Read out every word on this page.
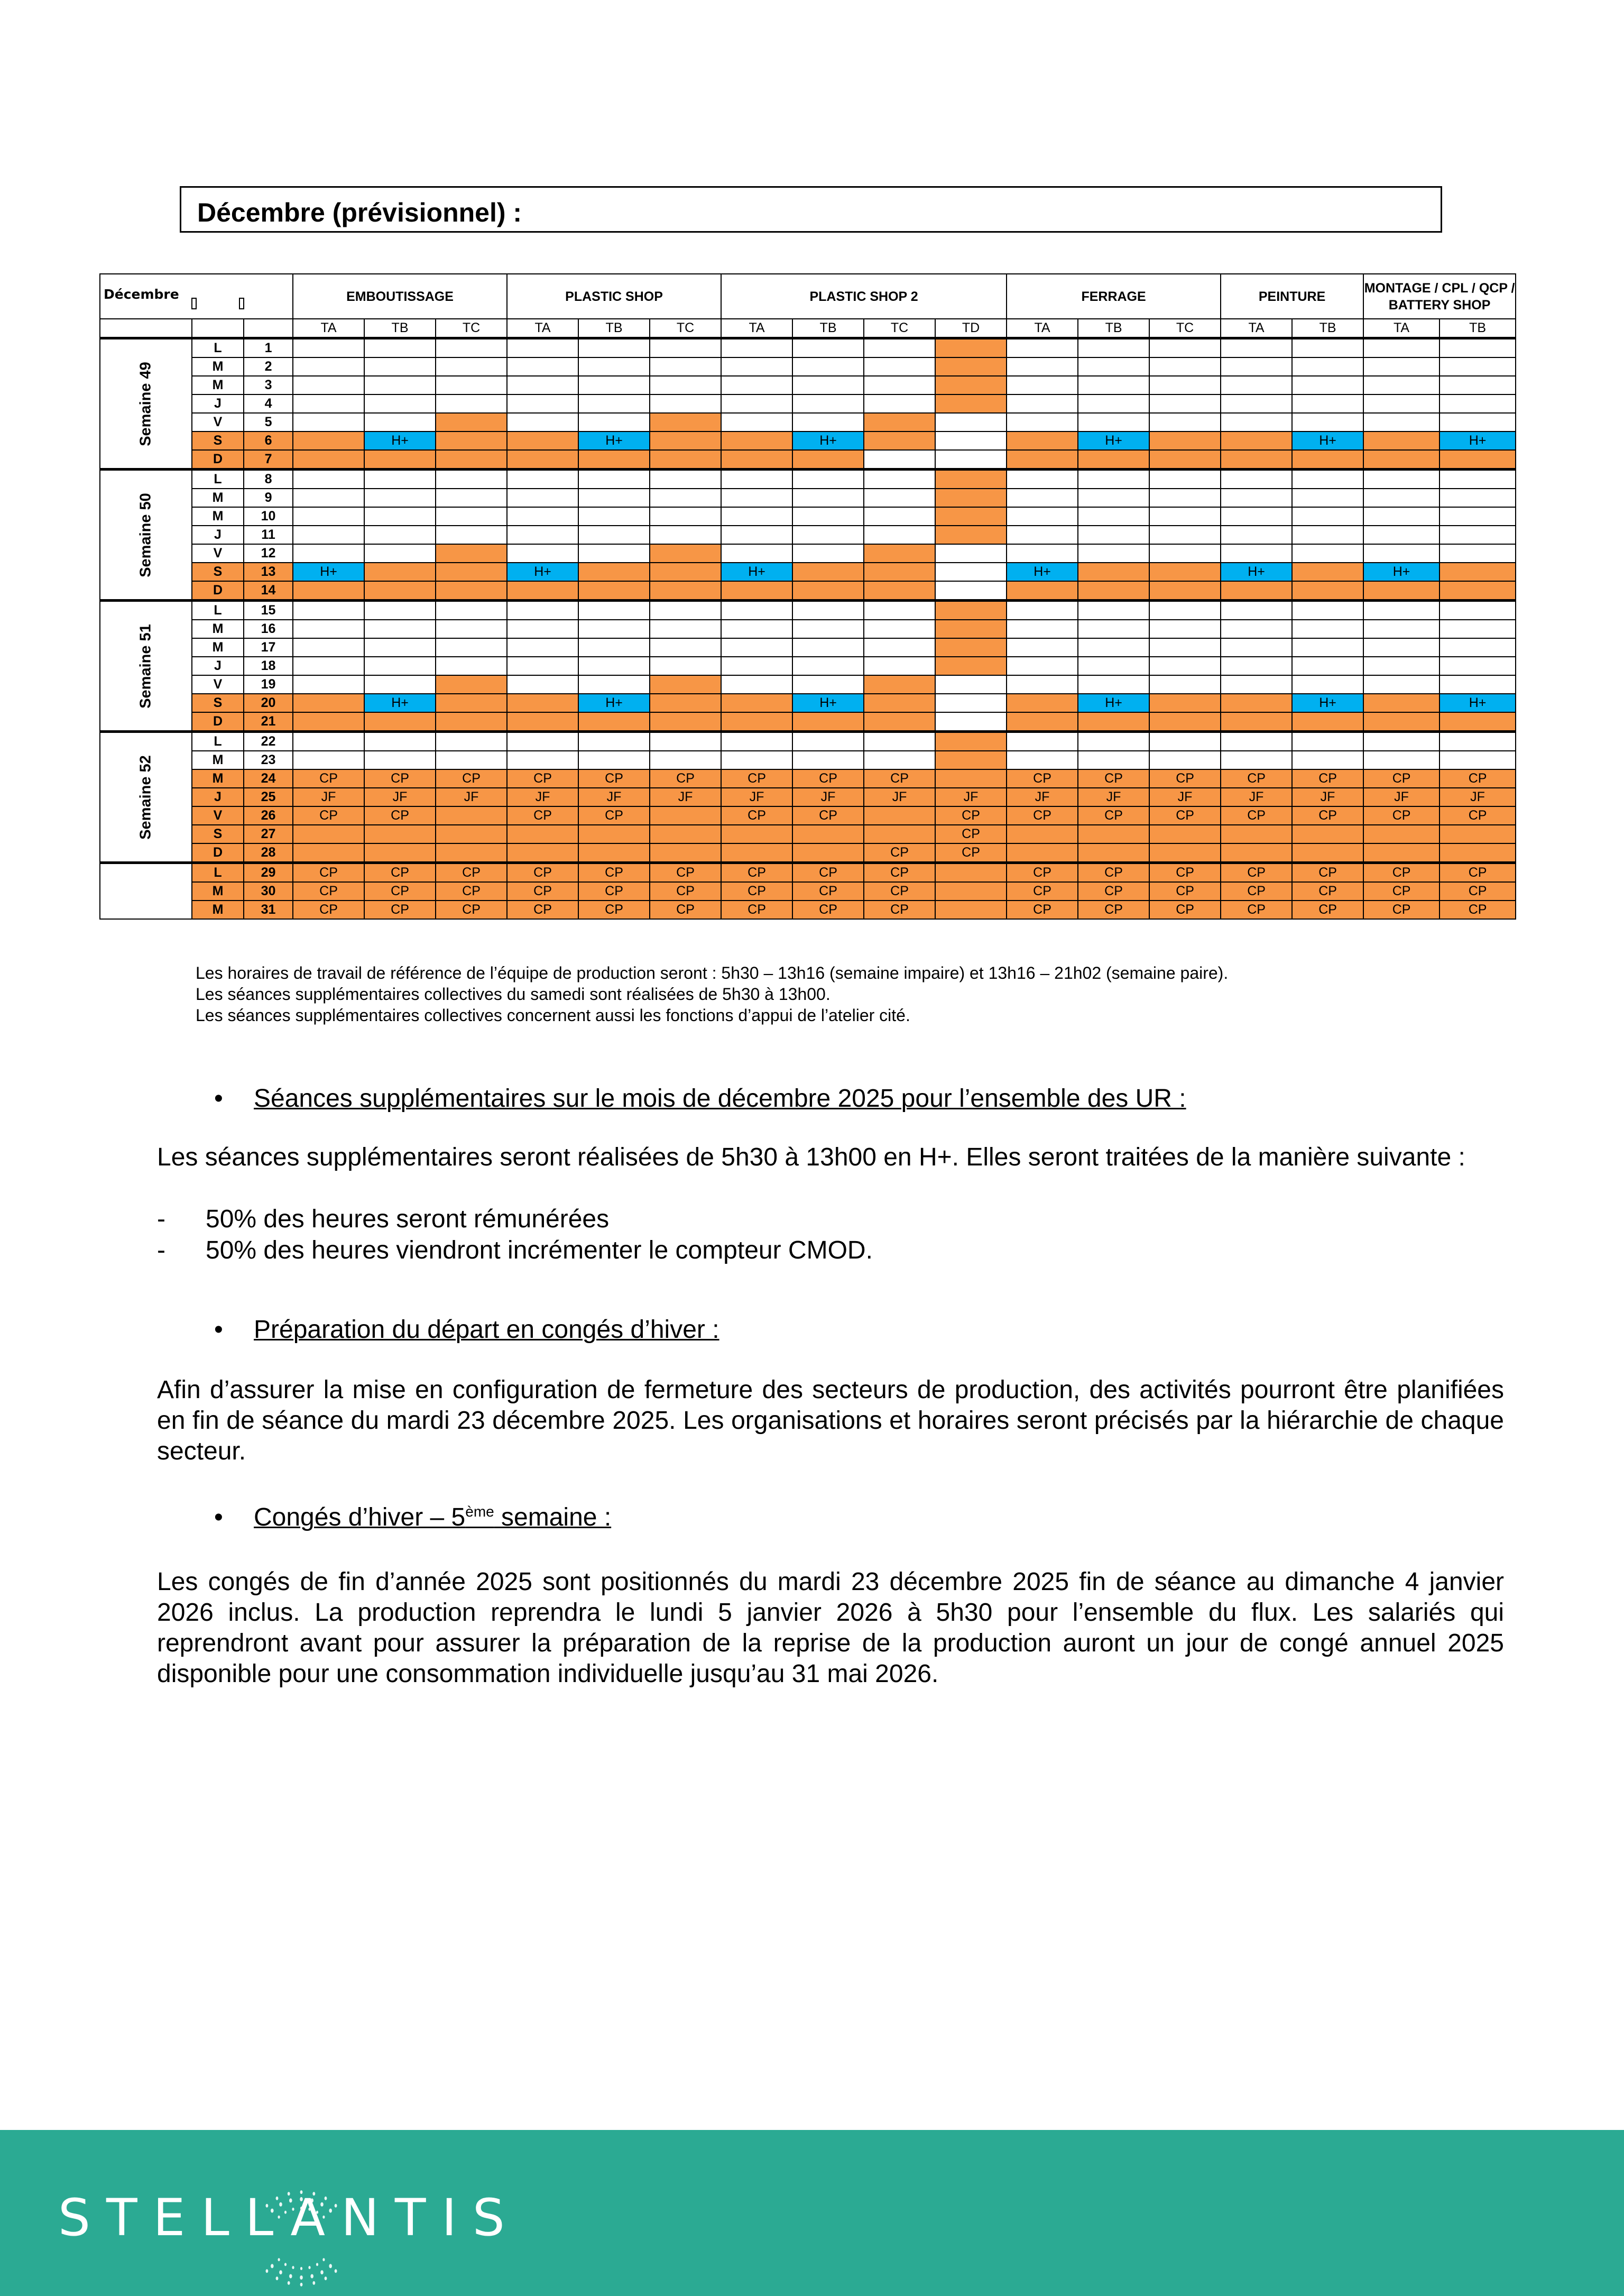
Décembre (prévisionnel) :
Décembre			EMBOUTISSAGE			PLASTIC SHOP			PLASTIC SHOP 2				FERRAGE			PEINTURE		MONTAGE / CPL / QCP / BATTERY SHOP	
			TA	TB	TC	TA	TB	TC	TA	TB	TC	TD	TA	TB	TC	TA	TB	TA	TB

Semaine 49	L	1																	
	M	2																	
	M	3																	
	J	4																	
	V	5																	
	S	6		H+			H+			H+				H+			H+		H+
	D	7																	

Semaine 50	L	8																	
	M	9																	
	M	10																	
	J	11																	
	V	12																	
	S	13	H+			H+			H+				H+			H+		H+	
	D	14																	

Semaine 51	L	15																	
	M	16																	
	M	17																	
	J	18																	
	V	19																	
	S	20		H+			H+			H+				H+			H+		H+
	D	21																	

Semaine 52	L	22																	
	M	23																	
	M	24	CP	CP	CP	CP	CP	CP	CP	CP	CP		CP	CP	CP	CP	CP	CP	CP
	J	25	JF	JF	JF	JF	JF	JF	JF	JF	JF	JF	JF	JF	JF	JF	JF	JF	JF
	V	26	CP	CP		CP	CP		CP	CP		CP	CP	CP	CP	CP	CP	CP	CP
	S	27										CP							
	D	28									CP	CP							

	L	29	CP	CP	CP	CP	CP	CP	CP	CP	CP		CP	CP	CP	CP	CP	CP	CP
	M	30	CP	CP	CP	CP	CP	CP	CP	CP	CP		CP	CP	CP	CP	CP	CP	CP
	M	31	CP	CP	CP	CP	CP	CP	CP	CP	CP		CP	CP	CP	CP	CP	CP	CP
Les horaires de travail de référence de l’équipe de production seront : 5h30 – 13h16 (semaine impaire) et 13h16 – 21h02 (semaine paire).
Les séances supplémentaires collectives du samedi sont réalisées de 5h30 à 13h00.
Les séances supplémentaires collectives concernent aussi les fonctions d’appui de l’atelier cité.
• Séances supplémentaires sur le mois de décembre 2025 pour l’ensemble des UR :
Les séances supplémentaires seront réalisées de 5h30 à 13h00 en H+. Elles seront traitées de la manière suivante :
- 50% des heures seront rémunérées
- 50% des heures viendront incrémenter le compteur CMOD.
• Préparation du départ en congés d’hiver :
Afin d’assurer la mise en configuration de fermeture des secteurs de production, des activités pourront être planifiées en fin de séance du mardi 23 décembre 2025. Les organisations et horaires seront précisés par la hiérarchie de chaque secteur.
• Congés d’hiver – 5ème semaine :
Les congés de fin d’année 2025 sont positionnés du mardi 23 décembre 2025 fin de séance au dimanche 4 janvier 2026 inclus. La production reprendra le lundi 5 janvier 2026 à 5h30 pour l’ensemble du flux. Les salariés qui reprendront avant pour assurer la préparation de la reprise de la production auront un jour de congé annuel 2025 disponible pour une consommation individuelle jusqu’au 31 mai 2026.
STELLANTIS
